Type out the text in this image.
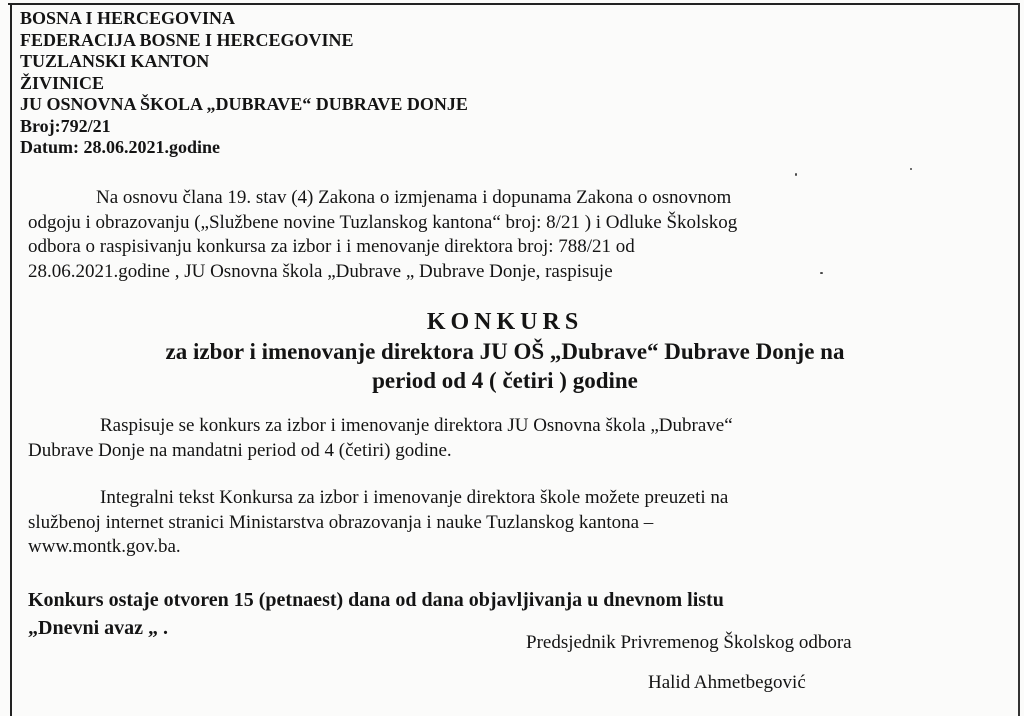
BOSNA I HERCEGOVINA
FEDERACIJA BOSNE I HERCEGOVINE
TUZLANSKI KANTON
ŽIVINICE
JU OSNOVNA ŠKOLA „DUBRAVE“ DUBRAVE DONJE
Broj:792/21
Datum: 28.06.2021.godine
Na osnovu člana 19. stav (4) Zakona o izmjenama i dopunama Zakona o osnovnom
odgoju i obrazovanju („Službene novine Tuzlanskog kantona“ broj: 8/21 ) i Odluke Školskog
odbora o raspisivanju konkursa za izbor i i menovanje direktora broj: 788/21 od
28.06.2021.godine , JU Osnovna škola „Dubrave „ Dubrave Donje, raspisuje
KONKURS
za izbor i imenovanje direktora JU OŠ „Dubrave“ Dubrave Donje na
period od 4 ( četiri ) godine
Raspisuje se konkurs za izbor i imenovanje direktora JU Osnovna škola „Dubrave“
Dubrave Donje na mandatni period od 4 (četiri) godine.
Integralni tekst Konkursa za izbor i imenovanje direktora škole možete preuzeti na
službenoj internet stranici Ministarstva obrazovanja i nauke Tuzlanskog kantona –
www.montk.gov.ba.
Konkurs ostaje otvoren 15 (petnaest) dana od dana objavljivanja u dnevnom listu
„Dnevni avaz „ .
Predsjednik Privremenog Školskog odbora
Halid Ahmetbegović
